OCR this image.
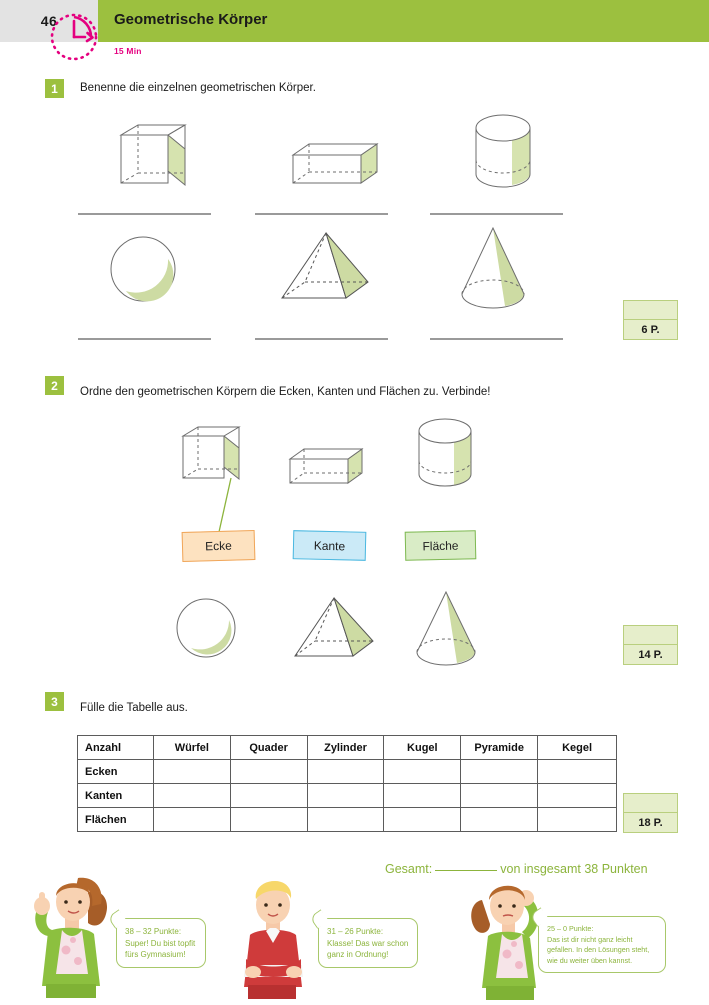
46	Geometrische Körper
15 Min
1	Benenne die einzelnen geometrischen Körper.
6 P.
2	Ordne den geometrischen Körpern die Ecken, Kanten und Flächen zu. Verbinde!
Ecke	Kante	Fläche
14 P.
3	Fülle die Tabelle aus.
Anzahl	Würfel	Quader	Zylinder	Kugel	Pyramide	Kegel
Ecken						
Kanten						
Flächen							18 P.
Gesamt:	von insgesamt 38 Punkten
38 – 32 Punkte:
Super! Du bist topfit
fürs Gymnasium!
31 – 26 Punkte:
Klasse! Das war schon
ganz in Ordnung!
25 – 0 Punkte:
Das ist dir nicht ganz leicht
gefallen. In den Lösungen steht,
wie du weiter üben kannst.
